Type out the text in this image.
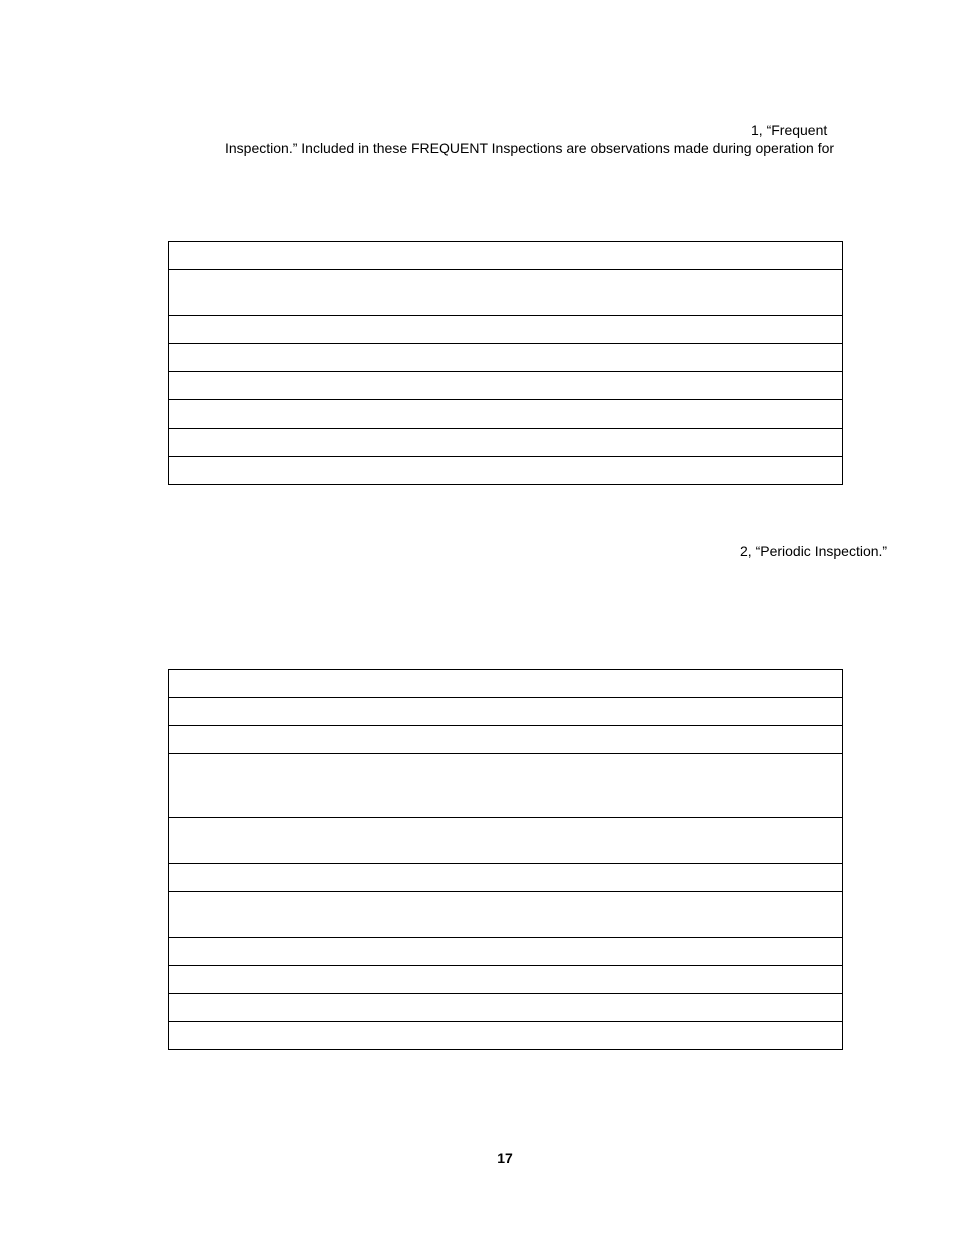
1, “Frequent
Inspection.” Included in these FREQUENT Inspections are observations made during operation for

2, “Periodic Inspection.”

17
